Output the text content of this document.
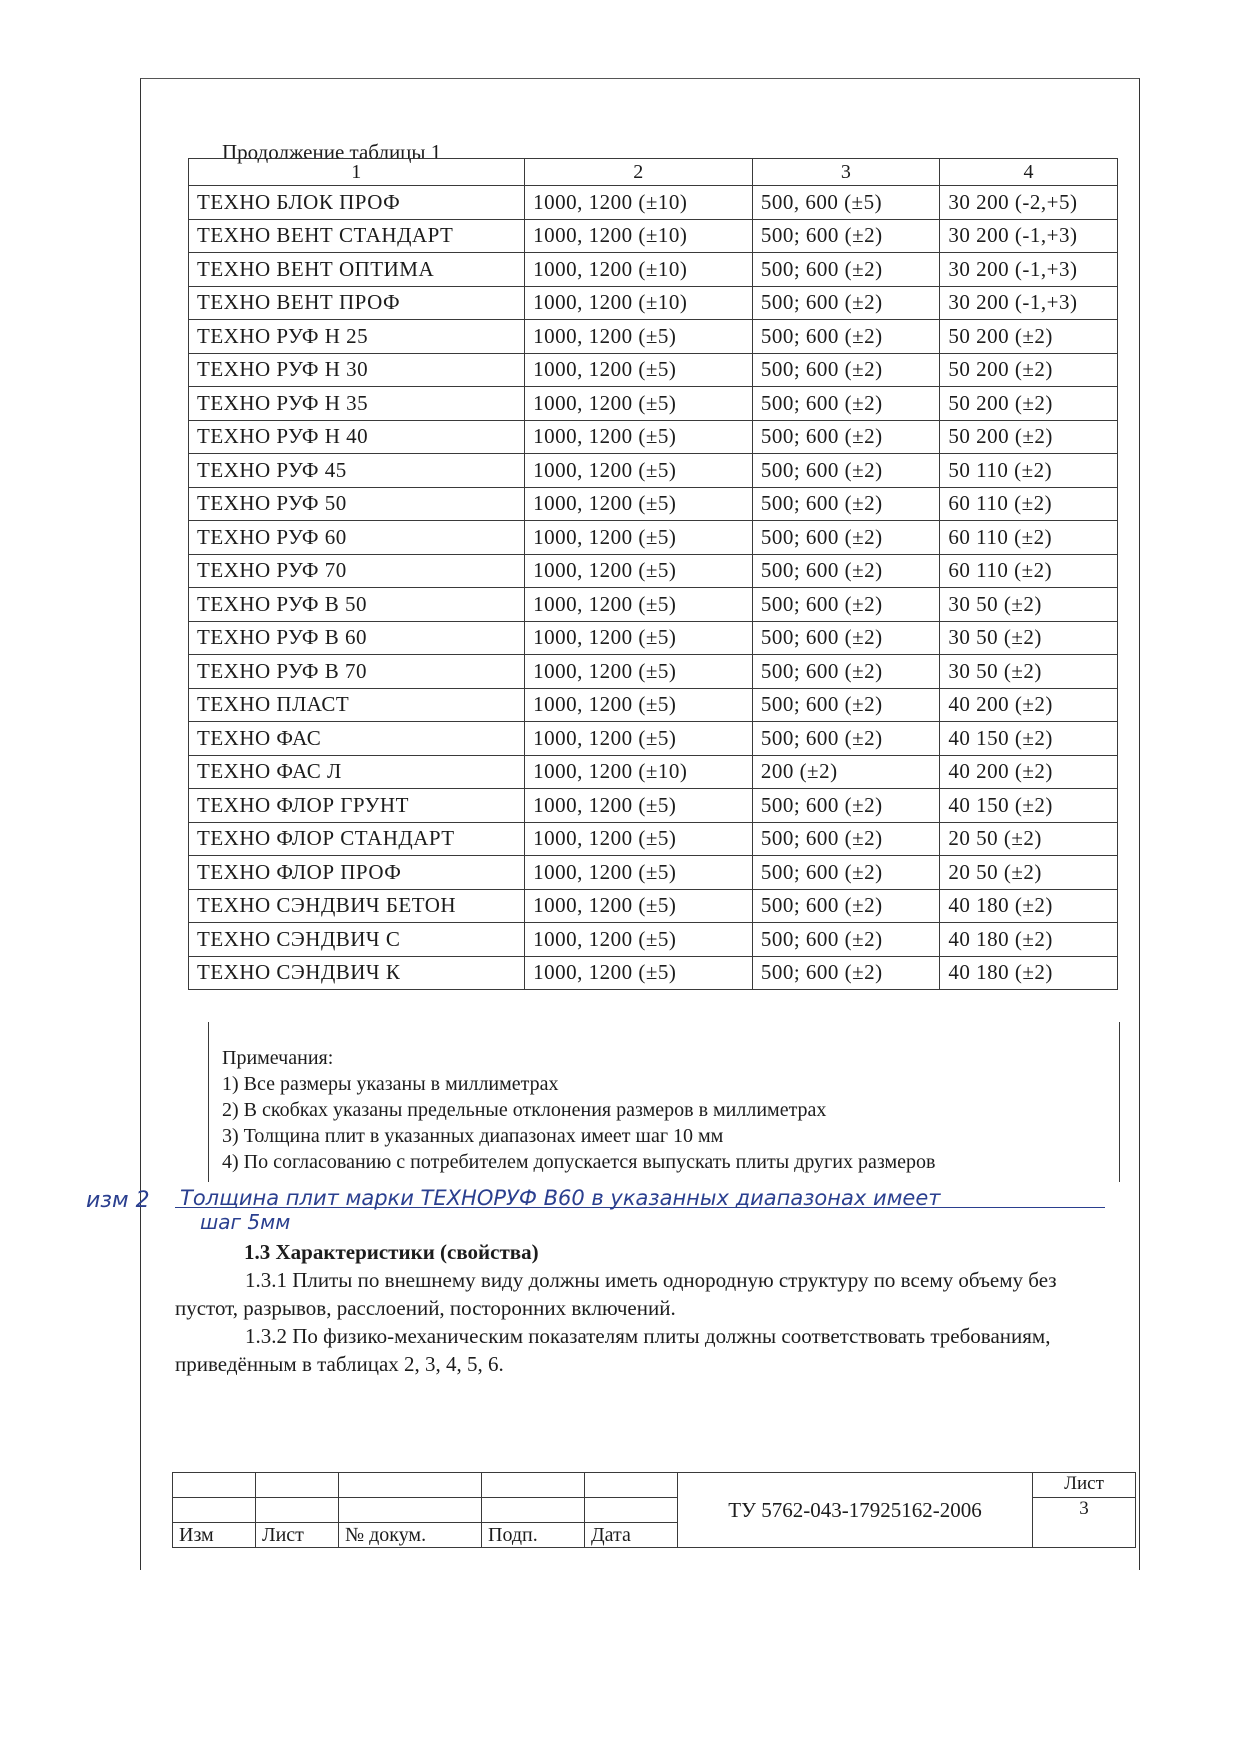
Продолжение таблицы 1
1	2	3	4
ТЕХНО БЛОК ПРОФ	1000, 1200 (±10)	500, 600 (±5)	30 200 (-2,+5)
ТЕХНО ВЕНТ СТАНДАРТ	1000, 1200 (±10)	500; 600 (±2)	30 200 (-1,+3)
ТЕХНО ВЕНТ ОПТИМА	1000, 1200 (±10)	500; 600 (±2)	30 200 (-1,+3)
ТЕХНО ВЕНТ ПРОФ	1000, 1200 (±10)	500; 600 (±2)	30 200 (-1,+3)
ТЕХНО РУФ Н 25	1000, 1200 (±5)	500; 600 (±2)	50 200 (±2)
ТЕХНО РУФ Н 30	1000, 1200 (±5)	500; 600 (±2)	50 200 (±2)
ТЕХНО РУФ Н 35	1000, 1200 (±5)	500; 600 (±2)	50 200 (±2)
ТЕХНО РУФ Н 40	1000, 1200 (±5)	500; 600 (±2)	50 200 (±2)
ТЕХНО РУФ 45	1000, 1200 (±5)	500; 600 (±2)	50 110 (±2)
ТЕХНО РУФ 50	1000, 1200 (±5)	500; 600 (±2)	60 110 (±2)
ТЕХНО РУФ 60	1000, 1200 (±5)	500; 600 (±2)	60 110 (±2)
ТЕХНО РУФ 70	1000, 1200 (±5)	500; 600 (±2)	60 110 (±2)
ТЕХНО РУФ В 50	1000, 1200 (±5)	500; 600 (±2)	30 50 (±2)
ТЕХНО РУФ В 60	1000, 1200 (±5)	500; 600 (±2)	30 50 (±2)
ТЕХНО РУФ В 70	1000, 1200 (±5)	500; 600 (±2)	30 50 (±2)
ТЕХНО ПЛАСТ	1000, 1200 (±5)	500; 600 (±2)	40 200 (±2)
ТЕХНО ФАС	1000, 1200 (±5)	500; 600 (±2)	40 150 (±2)
ТЕХНО ФАС Л	1000, 1200 (±10)	200 (±2)	40 200 (±2)
ТЕХНО ФЛОР ГРУНТ	1000, 1200 (±5)	500; 600 (±2)	40 150 (±2)
ТЕХНО ФЛОР СТАНДАРТ	1000, 1200 (±5)	500; 600 (±2)	20 50 (±2)
ТЕХНО ФЛОР ПРОФ	1000, 1200 (±5)	500; 600 (±2)	20 50 (±2)
ТЕХНО СЭНДВИЧ БЕТОН	1000, 1200 (±5)	500; 600 (±2)	40 180 (±2)
ТЕХНО СЭНДВИЧ С	1000, 1200 (±5)	500; 600 (±2)	40 180 (±2)
ТЕХНО СЭНДВИЧ К	1000, 1200 (±5)	500; 600 (±2)	40 180 (±2)
Примечания:
1) Все размеры указаны в миллиметрах
2) В скобках указаны предельные отклонения размеров в миллиметрах
3) Толщина плит в указанных диапазонах имеет шаг 10 мм
4) По согласованию с потребителем допускается выпускать плиты других размеров
изм 2 Толщина плит марки ТЕХНОРУФ В60 в указанных диапазонах имеет
шаг 5мм
1.3 Характеристики (свойства)
1.3.1 Плиты по внешнему виду должны иметь однородную структуру по всему объему без пустот, разрывов, расслоений, посторонних включений.
1.3.2 По физико-механическим показателям плиты должны соответствовать требованиям, приведённым в таблицах 2, 3, 4, 5, 6.
					ТУ 5762-043-17925162-2006	Лист
						3
Изм	Лист	№ докум.	Подп.	Дата		
